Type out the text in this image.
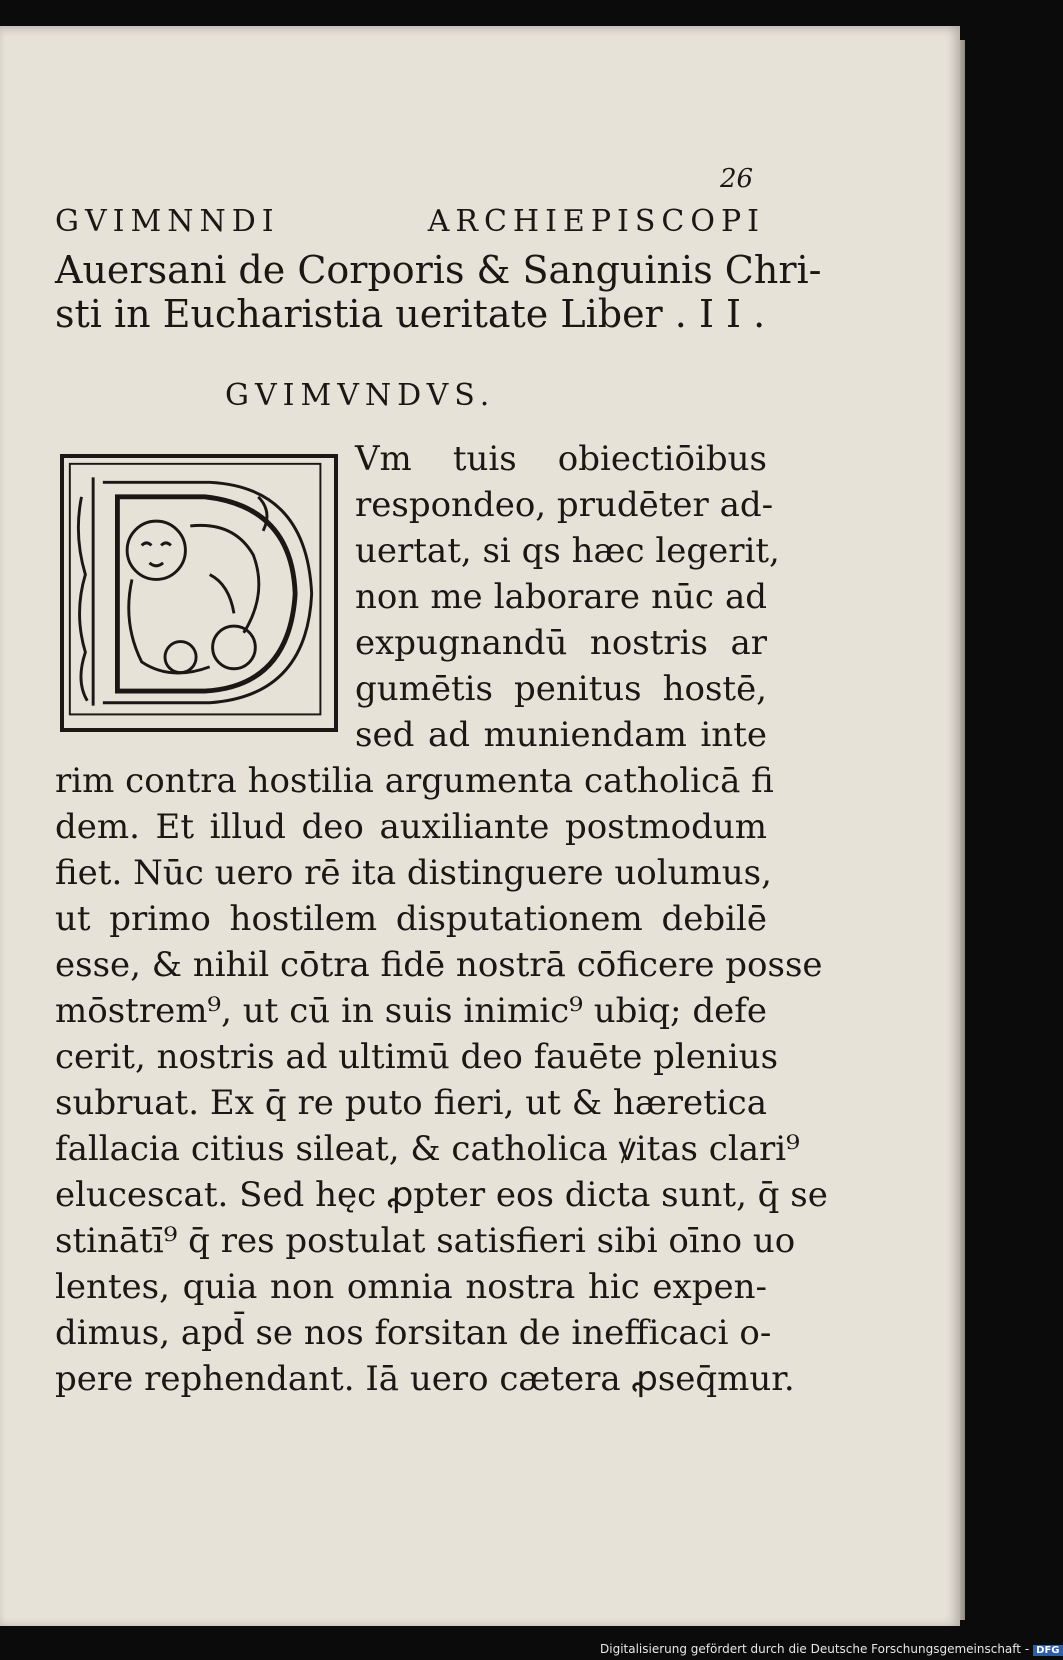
26
GVIMNNDI	ARCHIEPISCOPI
Auersani de Corporis & Sanguinis Chri-
sti in Eucharistia ueritate Liber . I I .
GVIMVNDVS.
Vm tuis obiectiōibus
respondeo, prudēter ad-
uertat, si qs hæc legerit,
non me laborare nūc ad
expugnandū nostris ar
gumētis penitus hostē,
sed ad muniendam inte
rim contra hostilia argumenta catholicā fi
dem. Et illud deo auxiliante postmodum
fiet. Nūc uero rē ita distinguere uolumus,
ut primo hostilem disputationem debilē
esse, & nihil cōtra fidē nostrā cōficere posse
mōstrem⁹, ut cū in suis inimic⁹ ubiq; defe
cerit, nostris ad ultimū deo fauēte plenius
subruat. Ex q̄ re puto fieri, ut & hæretica
fallacia citius sileat, & catholica ꝟitas clari⁹
elucescat. Sed hęc ꝓpter eos dicta sunt, q̄ se
stinātī⁹ q̄ res postulat satisfieri sibi oīno uo
lentes, quia non omnia nostra hic expen-
dimus, apd̄ se nos forsitan de inefficaci o-
pere rephendant. Iā uero cætera ꝓseq̄mur.
Digitalisierung gefördert durch die Deutsche Forschungsgemeinschaft - DFG
